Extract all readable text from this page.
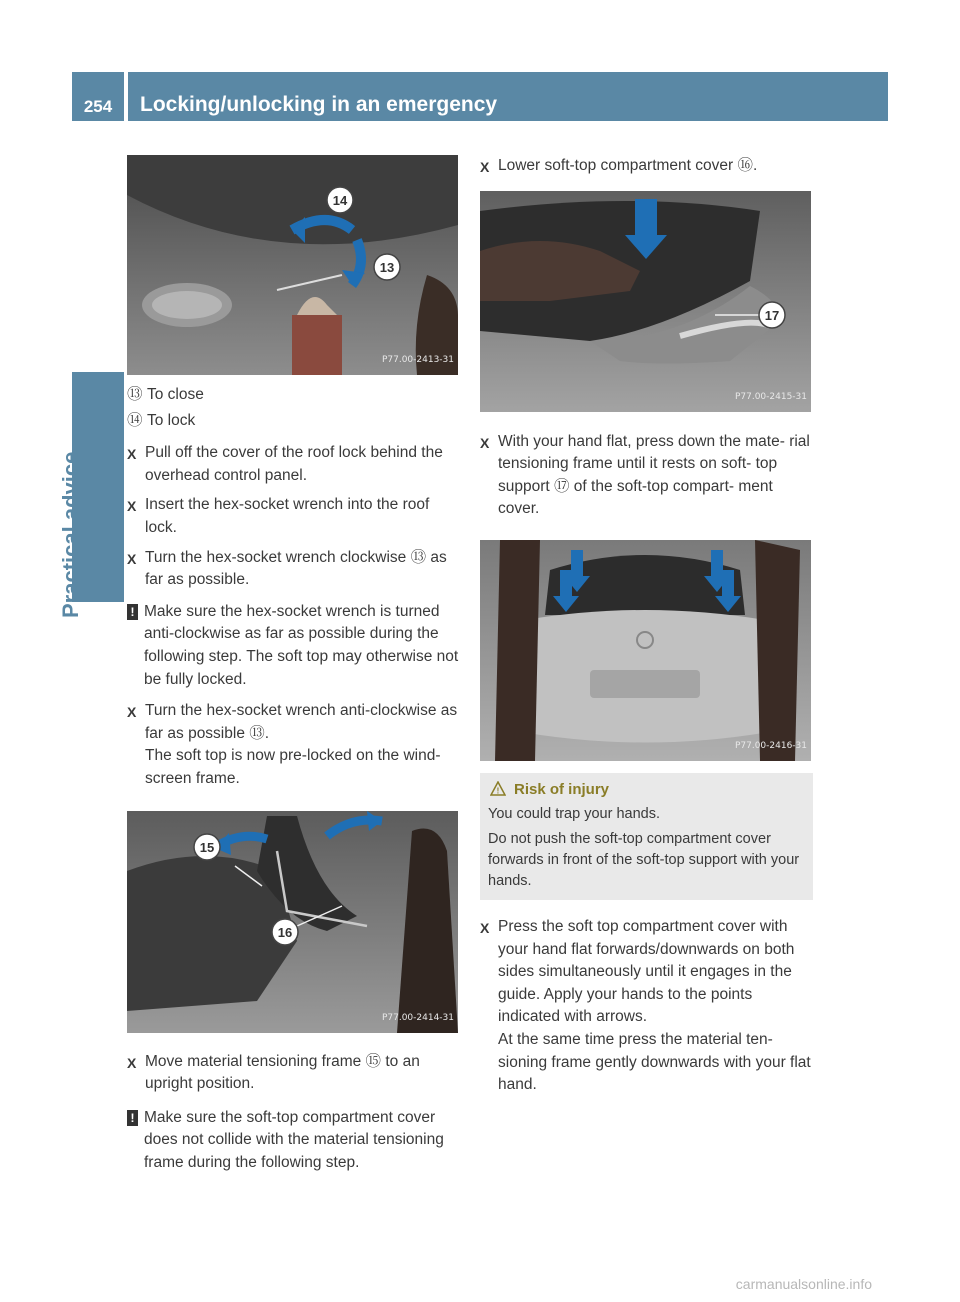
254	Locking/unlocking in an emergency
Practical advice
14
13
P77.00-2413-31
⑬ To close
⑭ To lock
X Pull off the cover of the roof lock behind the overhead control panel.
X Insert the hex-socket wrench into the roof lock.
X Turn the hex-socket wrench clockwise ⑬ as far as possible.
! Make sure the hex-socket wrench is turned anti-clockwise as far as possible during the following step. The soft top may otherwise not be fully locked.
X Turn the hex-socket wrench anti-clockwise as far as possible ⑬.
The soft top is now pre-locked on the wind- screen frame.
15
16
P77.00-2414-31
X Move material tensioning frame ⑮ to an upright position.
! Make sure the soft-top compartment cover does not collide with the material tensioning frame during the following step.
X Lower soft-top compartment cover ⑯.
17
P77.00-2415-31
X With your hand flat, press down the mate- rial tensioning frame until it rests on soft- top support ⑰ of the soft-top compart- ment cover.
P77.00-2416-31
! Risk of injury

You could trap your hands.

Do not push the soft-top compartment cover forwards in front of the soft-top support with your hands.

X Press the soft top compartment cover with your hand flat forwards/downwards on both sides simultaneously until it engages in the guide. Apply your hands to the points indicated with arrows.
At the same time press the material ten- sioning frame gently downwards with your flat hand.
carmanualsonline.info
